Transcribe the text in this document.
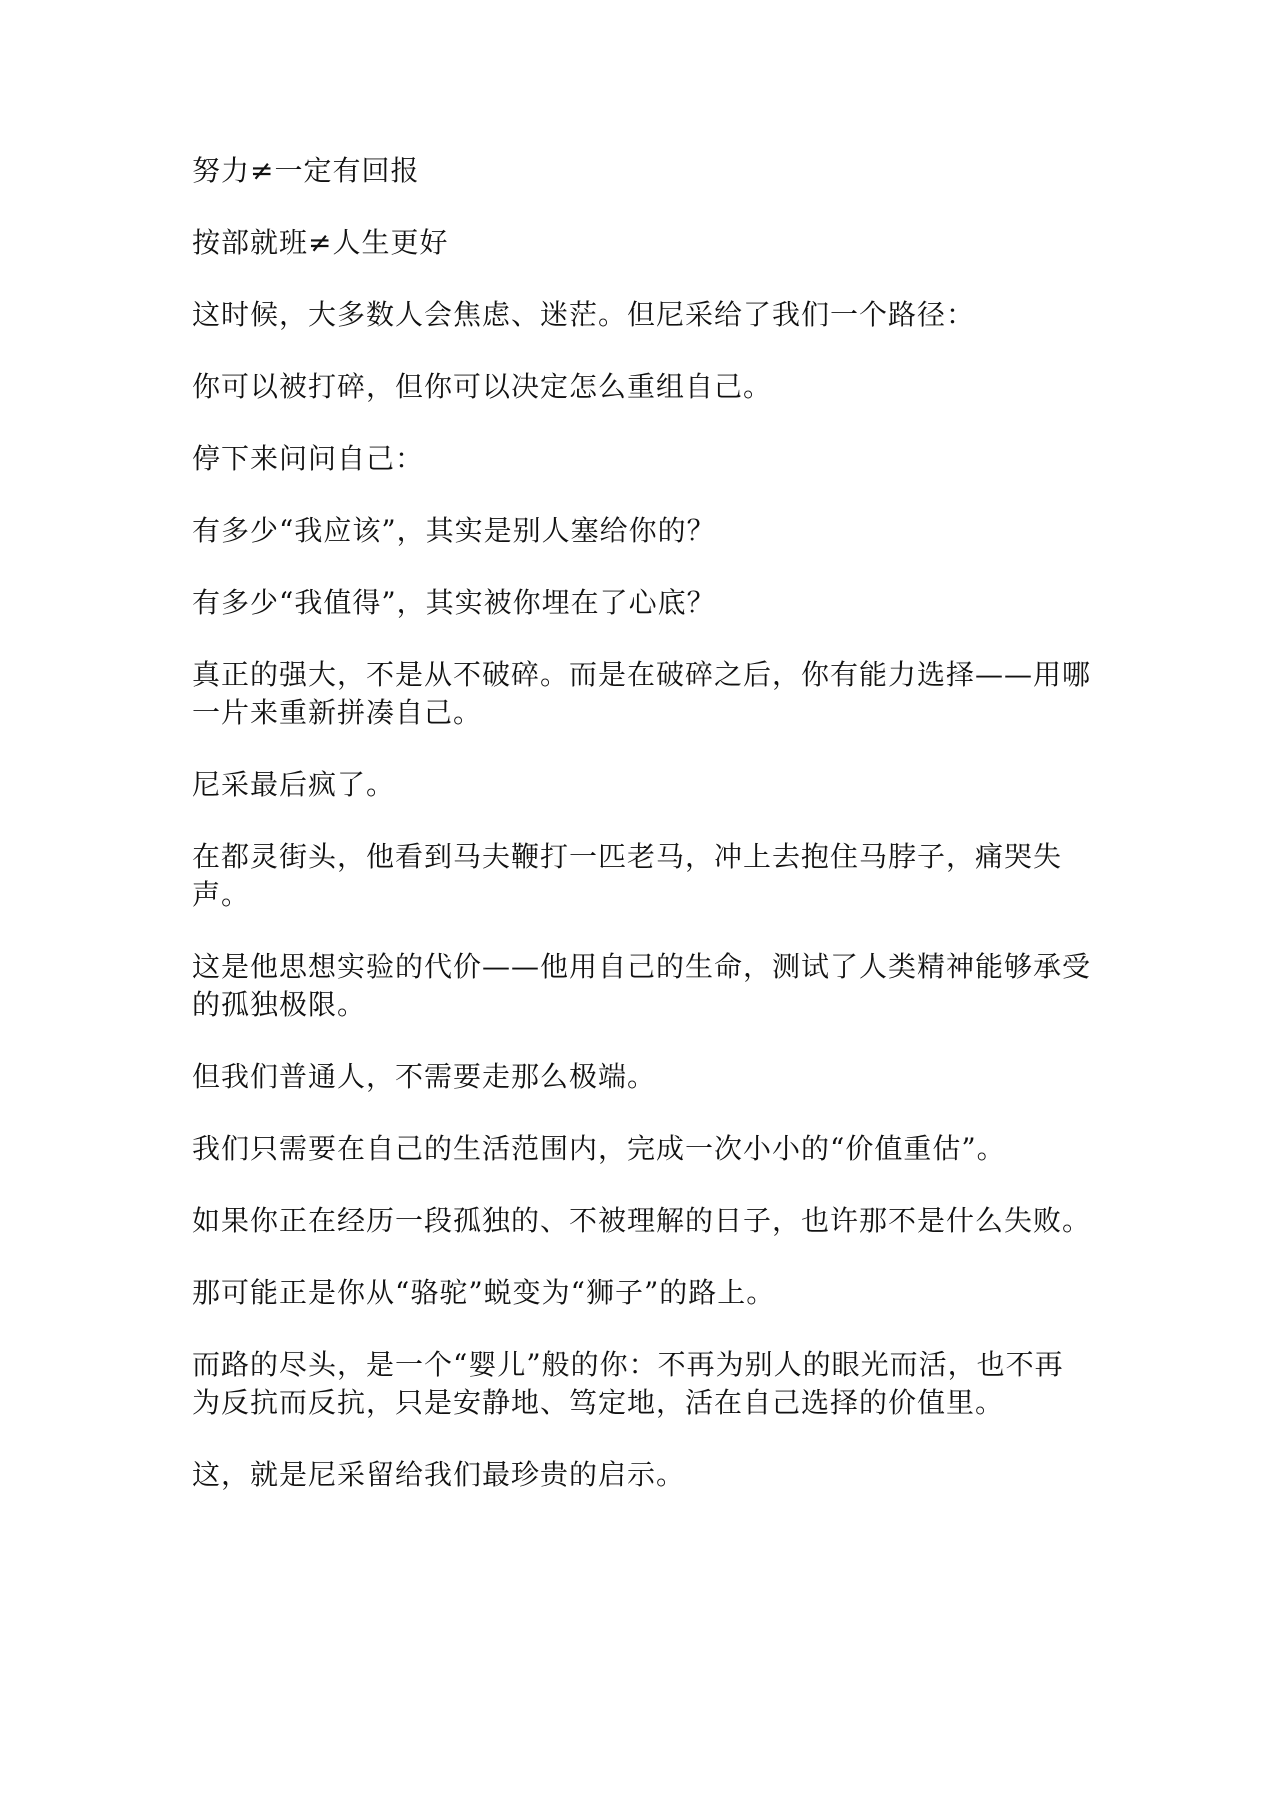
努力≠一定有回报

按部就班≠人生更好

这时候，大多数人会焦虑、迷茫。但尼采给了我们一个路径：

你可以被打碎，但你可以决定怎么重组自己。

停下来问问自己：

有多少“我应该”，其实是别人塞给你的？

有多少“我值得”，其实被你埋在了心底？

真正的强大，不是从不破碎。而是在破碎之后，你有能力选择——用哪一片来重新拼凑自己。

尼采最后疯了。

在都灵街头，他看到马夫鞭打一匹老马，冲上去抱住马脖子，痛哭失声。

这是他思想实验的代价——他用自己的生命，测试了人类精神能够承受的孤独极限。

但我们普通人，不需要走那么极端。

我们只需要在自己的生活范围内，完成一次小小的“价值重估”。

如果你正在经历一段孤独的、不被理解的日子，也许那不是什么失败。

那可能正是你从“骆驼”蜕变为“狮子”的路上。

而路的尽头，是一个“婴儿”般的你：不再为别人的眼光而活，也不再为反抗而反抗，只是安静地、笃定地，活在自己选择的价值里。

这，就是尼采留给我们最珍贵的启示。
